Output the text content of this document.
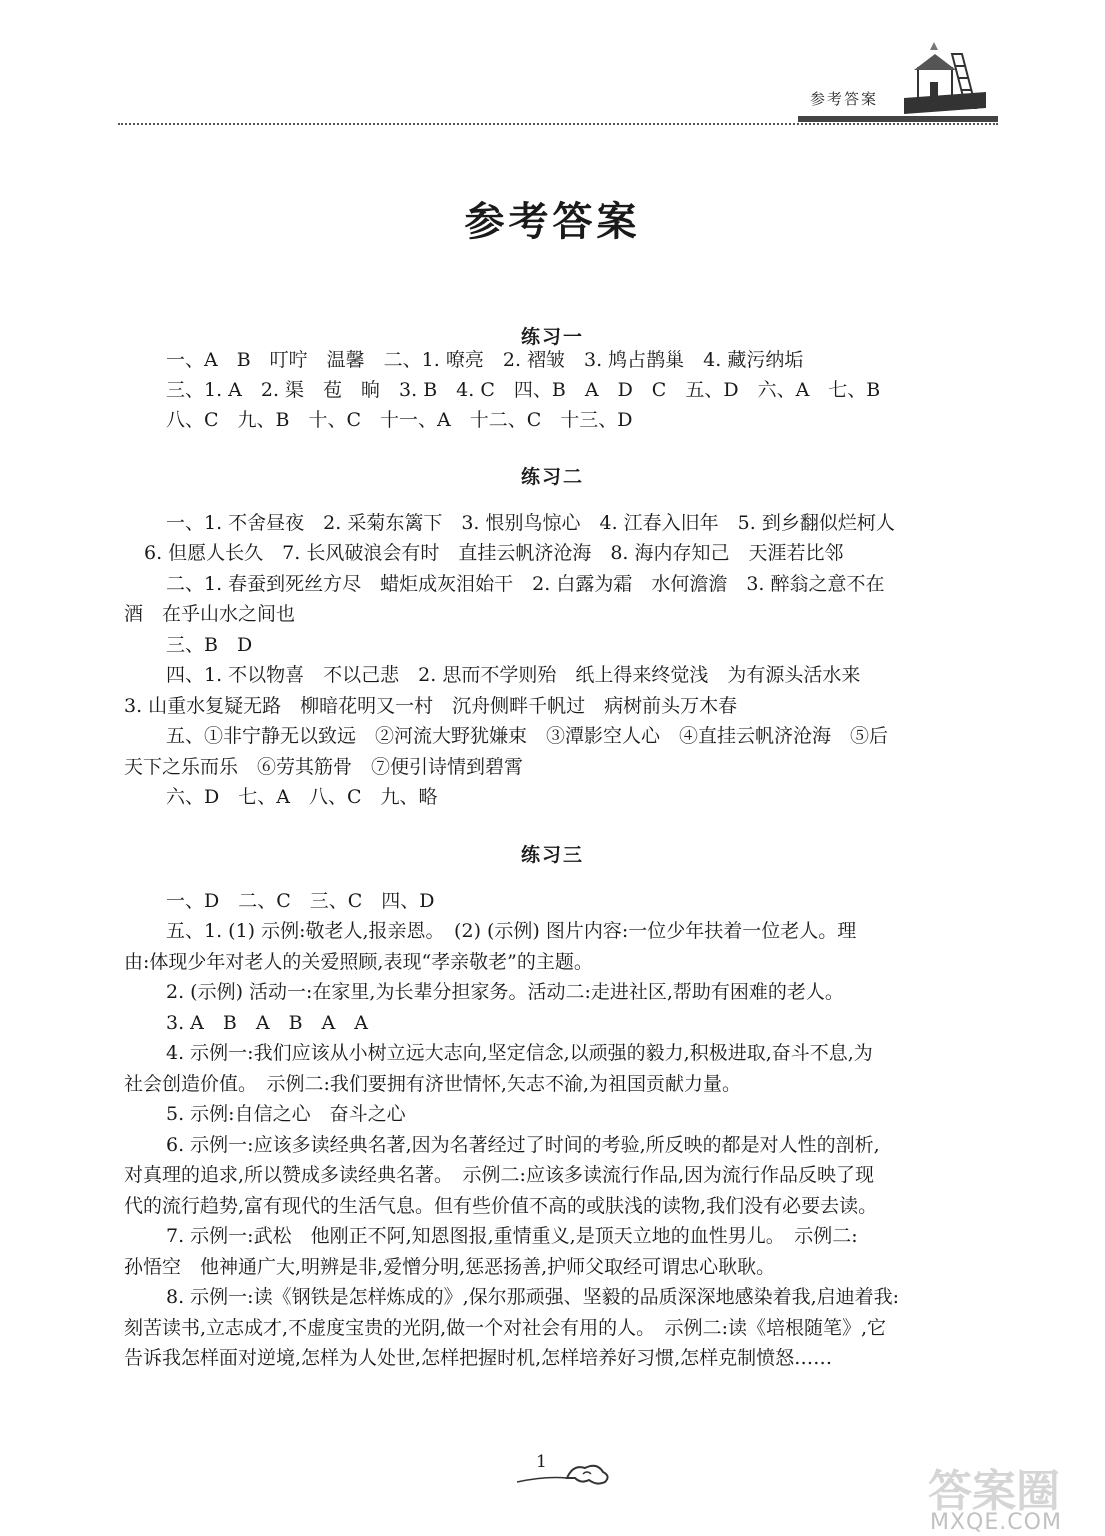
参考答案
参考答案
练习一
一、A　B　叮咛　温馨　二、1. 嘹亮　2. 褶皱　3. 鸠占鹊巢　4. 藏污纳垢
三、1. A　2. 渠　苞　晌　3. B　4. C　四、B　A　D　C　五、D　六、A　七、B
八、C　九、B　十、C　十一、A　十二、C　十三、D
练习二
一、1. 不舍昼夜　2. 采菊东篱下　3. 恨别鸟惊心　4. 江春入旧年　5. 到乡翻似烂柯人
6. 但愿人长久　7. 长风破浪会有时　直挂云帆济沧海　8. 海内存知己　天涯若比邻
二、1. 春蚕到死丝方尽　蜡炬成灰泪始干　2. 白露为霜　水何澹澹　3. 醉翁之意不在
酒　在乎山水之间也
三、B　D
四、1. 不以物喜　不以己悲　2. 思而不学则殆　纸上得来终觉浅　为有源头活水来
3. 山重水复疑无路　柳暗花明又一村　沉舟侧畔千帆过　病树前头万木春
五、①非宁静无以致远　②河流大野犹嫌束　③潭影空人心　④直挂云帆济沧海　⑤后
天下之乐而乐　⑥劳其筋骨　⑦便引诗情到碧霄
六、D　七、A　八、C　九、略
练习三
一、D　二、C　三、C　四、D
五、1. (1) 示例:敬老人,报亲恩。　(2) (示例) 图片内容:一位少年扶着一位老人。理
由:体现少年对老人的关爱照顾,表现“孝亲敬老”的主题。
2. (示例) 活动一:在家里,为长辈分担家务。活动二:走进社区,帮助有困难的老人。
3. A　B　A　B　A　A
4. 示例一:我们应该从小树立远大志向,坚定信念,以顽强的毅力,积极进取,奋斗不息,为
社会创造价值。　示例二:我们要拥有济世情怀,矢志不渝,为祖国贡献力量。
5. 示例:自信之心　奋斗之心
6. 示例一:应该多读经典名著,因为名著经过了时间的考验,所反映的都是对人性的剖析,
对真理的追求,所以赞成多读经典名著。　示例二:应该多读流行作品,因为流行作品反映了现
代的流行趋势,富有现代的生活气息。但有些价值不高的或肤浅的读物,我们没有必要去读。
7. 示例一:武松　他刚正不阿,知恩图报,重情重义,是顶天立地的血性男儿。　示例二:
孙悟空　他神通广大,明辨是非,爱憎分明,惩恶扬善,护师父取经可谓忠心耿耿。
8. 示例一:读《钢铁是怎样炼成的》,保尔那顽强、坚毅的品质深深地感染着我,启迪着我:
刻苦读书,立志成才,不虚度宝贵的光阴,做一个对社会有用的人。　示例二:读《培根随笔》,它
告诉我怎样面对逆境,怎样为人处世,怎样把握时机,怎样培养好习惯,怎样克制愤怒……
1
答案圈
MXQE.COM
